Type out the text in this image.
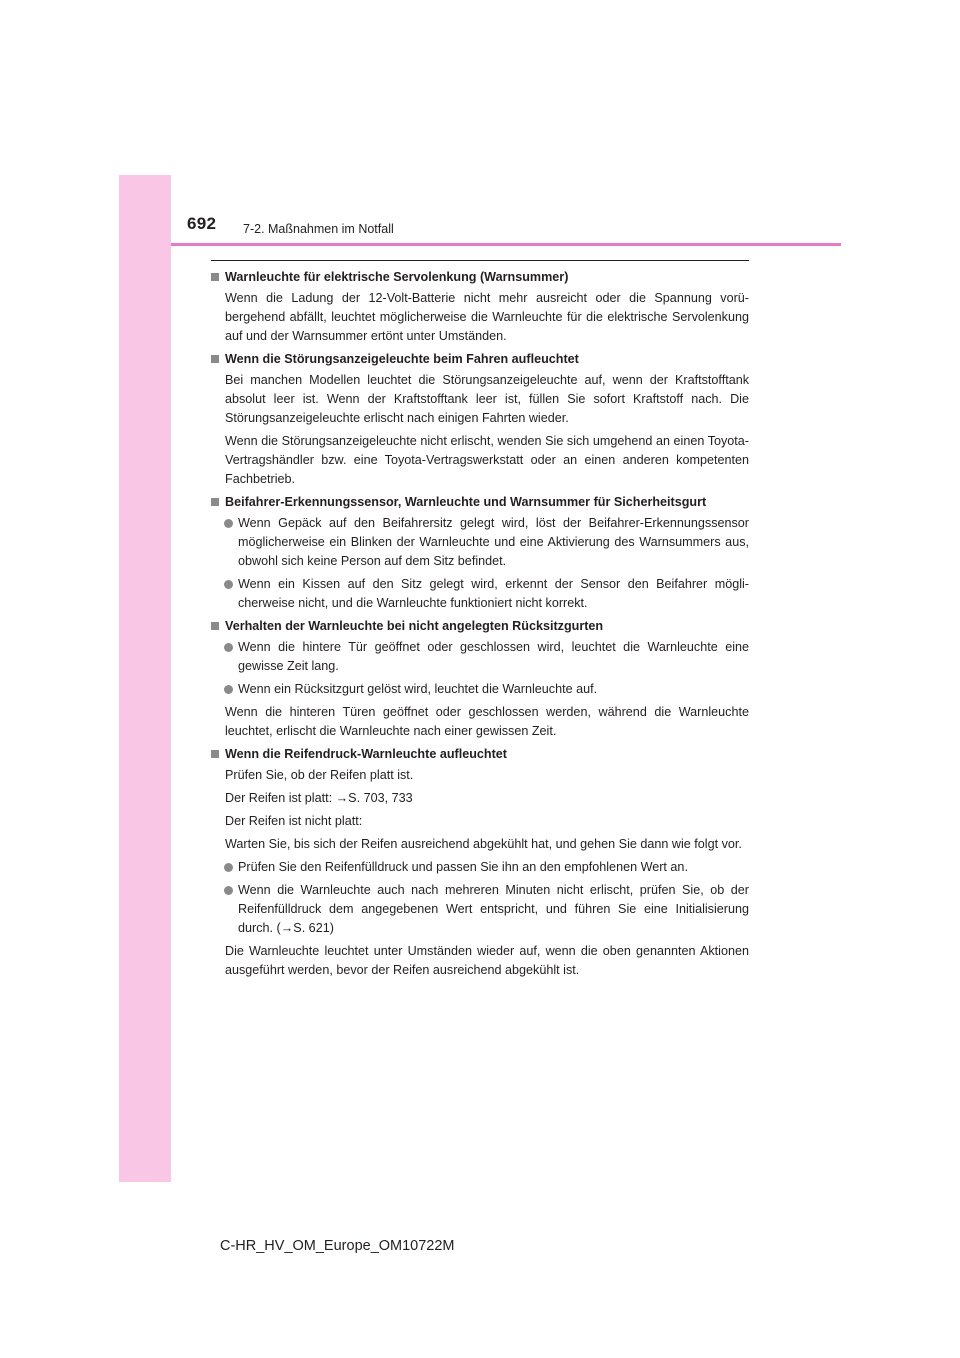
692 7-2. Maßnahmen im Notfall
Warnleuchte für elektrische Servolenkung (Warnsummer)

Wenn die Ladung der 12-Volt-Batterie nicht mehr ausreicht oder die Spannung vorübergehend abfällt, leuchtet möglicherweise die Warnleuchte für die elektrische Servolenkung auf und der Warnsummer ertönt unter Umständen.

Wenn die Störungsanzeigeleuchte beim Fahren aufleuchtet

Bei manchen Modellen leuchtet die Störungsanzeigeleuchte auf, wenn der Kraftstofftank absolut leer ist. Wenn der Kraftstofftank leer ist, füllen Sie sofort Kraftstoff nach. Die Störungsanzeigeleuchte erlischt nach einigen Fahrten wieder.

Wenn die Störungsanzeigeleuchte nicht erlischt, wenden Sie sich umgehend an einen Toyota-Vertragshändler bzw. eine Toyota-Vertragswerkstatt oder an einen anderen kompetenten Fachbetrieb.

Beifahrer-Erkennungssensor, Warnleuchte und Warnsummer für Sicherheitsgurt

Wenn Gepäck auf den Beifahrersitz gelegt wird, löst der Beifahrer-Erkennungssensor möglicherweise ein Blinken der Warnleuchte und eine Aktivierung des Warnsummers aus, obwohl sich keine Person auf dem Sitz befindet.

Wenn ein Kissen auf den Sitz gelegt wird, erkennt der Sensor den Beifahrer möglicherweise nicht, und die Warnleuchte funktioniert nicht korrekt.

Verhalten der Warnleuchte bei nicht angelegten Rücksitzgurten

Wenn die hintere Tür geöffnet oder geschlossen wird, leuchtet die Warnleuchte eine gewisse Zeit lang.

Wenn ein Rücksitzgurt gelöst wird, leuchtet die Warnleuchte auf.

Wenn die hinteren Türen geöffnet oder geschlossen werden, während die Warnleuchte leuchtet, erlischt die Warnleuchte nach einer gewissen Zeit.

Wenn die Reifendruck-Warnleuchte aufleuchtet

Prüfen Sie, ob der Reifen platt ist.

Der Reifen ist platt: →S. 703, 733

Der Reifen ist nicht platt:

Warten Sie, bis sich der Reifen ausreichend abgekühlt hat, und gehen Sie dann wie folgt vor.

Prüfen Sie den Reifenfülldruck und passen Sie ihn an den empfohlenen Wert an.

Wenn die Warnleuchte auch nach mehreren Minuten nicht erlischt, prüfen Sie, ob der Reifenfülldruck dem angegebenen Wert entspricht, und führen Sie eine Initialisierung durch. (→S. 621)

Die Warnleuchte leuchtet unter Umständen wieder auf, wenn die oben genannten Aktionen ausgeführt werden, bevor der Reifen ausreichend abgekühlt ist.

C-HR_HV_OM_Europe_OM10722M
